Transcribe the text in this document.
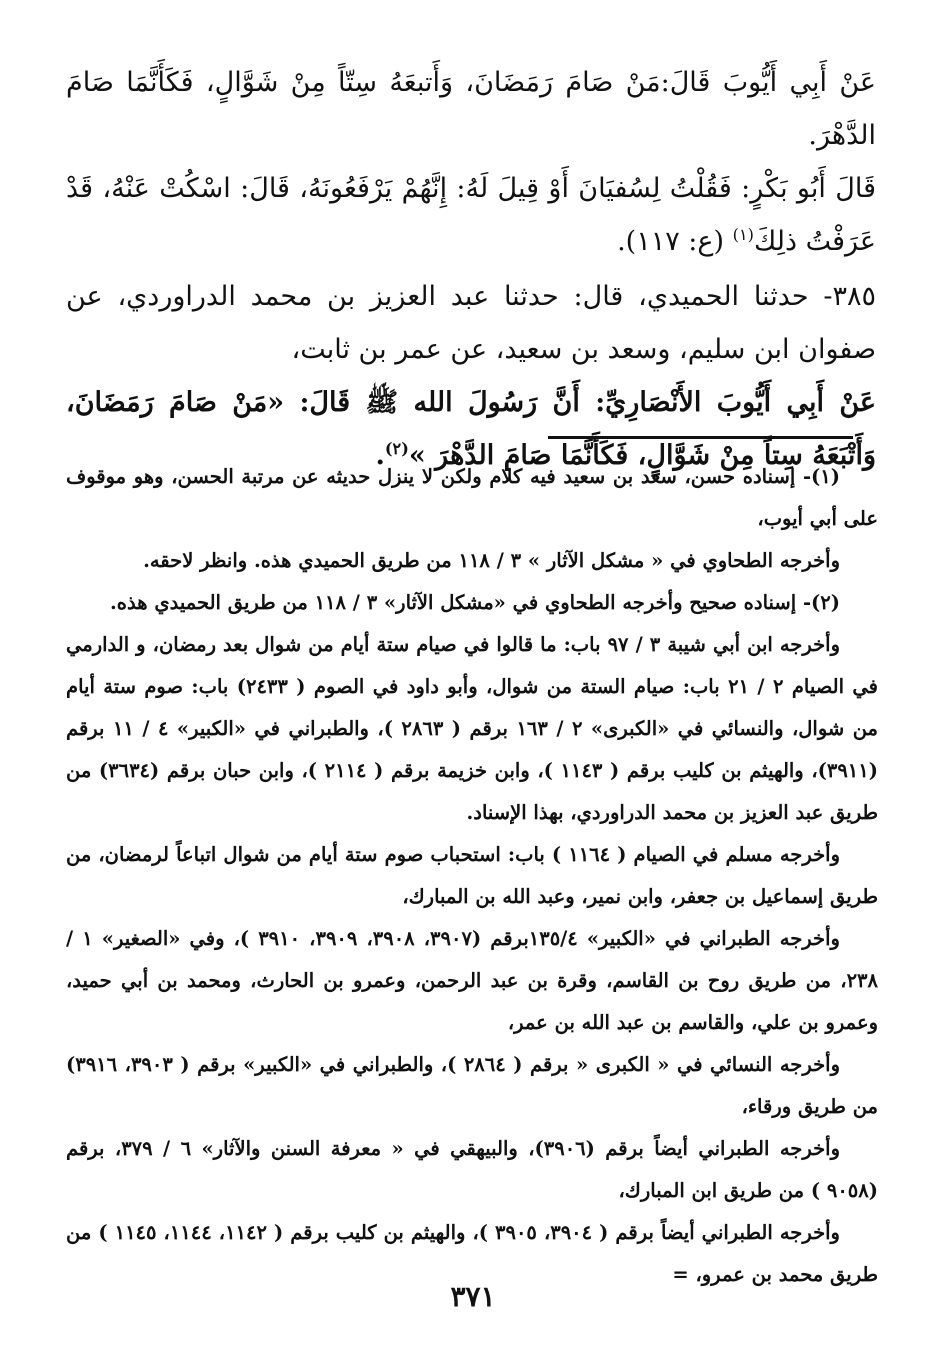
عَنْ أَبِي أَيُّوبَ قَالَ:مَنْ صَامَ رَمَضَانَ، وَأَتبعَهُ سِتّاً مِنْ شَوَّالٍ، فَكَأَنَّمَا صَامَ الدَّهْرَ.

قَالَ أَبُو بَكْرٍ: فَقُلْتُ لِسُفيَانَ أَوْ قِيلَ لَهُ: إِنَّهُمْ يَرْفَعُونَهُ، قَالَ: اسْكُتْ عَنْهُ، قَدْ عَرَفْتُ ذلِكَ$^{(١)}$ (ع: ١١٧).

٣٨٥- حدثنا الحميدي، قال: حدثنا عبد العزيز بن محمد الدراوردي، عن صفوان ابن سليم، وسعد بن سعيد، عن عمر بن ثابت،

عَنْ أَبِي أَيُّوبَ الأَنْصَارِيِّ: أَنَّ رَسُولَ الله ﷺ قَالَ: «مَنْ صَامَ رَمَضَانَ، وَأَتْبَعَهُ سِتاً مِنْ شَوَّالٍ، فَكَأَنَّمَا صَامَ الدَّهْرَ »$^{(٢)}$.

(١)- إسناده حسن، سعد بن سعيد فيه كلام ولكن لا ينزل حديثه عن مرتبة الحسن، وهو موقوف على أبي أيوب،

وأخرجه الطحاوي في « مشكل الآثار » ٣ / ١١٨ من طريق الحميدي هذه. وانظر لاحقه.

(٢)- إسناده صحيح وأخرجه الطحاوي في «مشكل الآثار» ٣ / ١١٨ من طريق الحميدي هذه.

وأخرجه ابن أبي شيبة ٣ / ٩٧ باب: ما قالوا في صيام ستة أيام من شوال بعد رمضان، و الدارمي في الصيام ٢ / ٢١ باب: صيام الستة من شوال، وأبو داود في الصوم ( ٢٤٣٣) باب: صوم ستة أيام من شوال، والنسائي في «الكبرى» ٢ / ١٦٣ برقم ( ٢٨٦٣ )، والطبراني في «الكبير» ٤ / ١١ برقم (٣٩١١)، والهيثم بن كليب برقم ( ١١٤٣ )، وابن خزيمة برقم ( ٢١١٤ )، وابن حبان برقم (٣٦٣٤) من طريق عبد العزيز بن محمد الدراوردي، بهذا الإسناد.

وأخرجه مسلم في الصيام ( ١١٦٤ ) باب: استحباب صوم ستة أيام من شوال اتباعاً لرمضان، من طريق إسماعيل بن جعفر، وابن نمير، وعبد الله بن المبارك،

وأخرجه الطبراني في «الكبير» ١٣٥/٤برقم (٣٩٠٧، ٣٩٠٨، ٣٩٠٩، ٣٩١٠ )، وفي «الصغير» ١ / ٢٣٨، من طريق روح بن القاسم، وقرة بن عبد الرحمن، وعمرو بن الحارث، ومحمد بن أبي حميد، وعمرو بن علي، والقاسم بن عبد الله بن عمر،

وأخرجه النسائي في « الكبرى « برقم ( ٢٨٦٤ )، والطبراني في «الكبير» برقم ( ٣٩٠٣، ٣٩١٦) من طريق ورقاء،

وأخرجه الطبراني أيضاً برقم (٣٩٠٦)، والبيهقي في « معرفة السنن والآثار» ٦ / ٣٧٩، برقم (٩٠٥٨ ) من طريق ابن المبارك،

وأخرجه الطبراني أيضاً برقم ( ٣٩٠٤، ٣٩٠٥ )، والهيثم بن كليب برقم ( ١١٤٢، ١١٤٤، ١١٤٥ ) من طريق محمد بن عمرو، =

٣٧١
